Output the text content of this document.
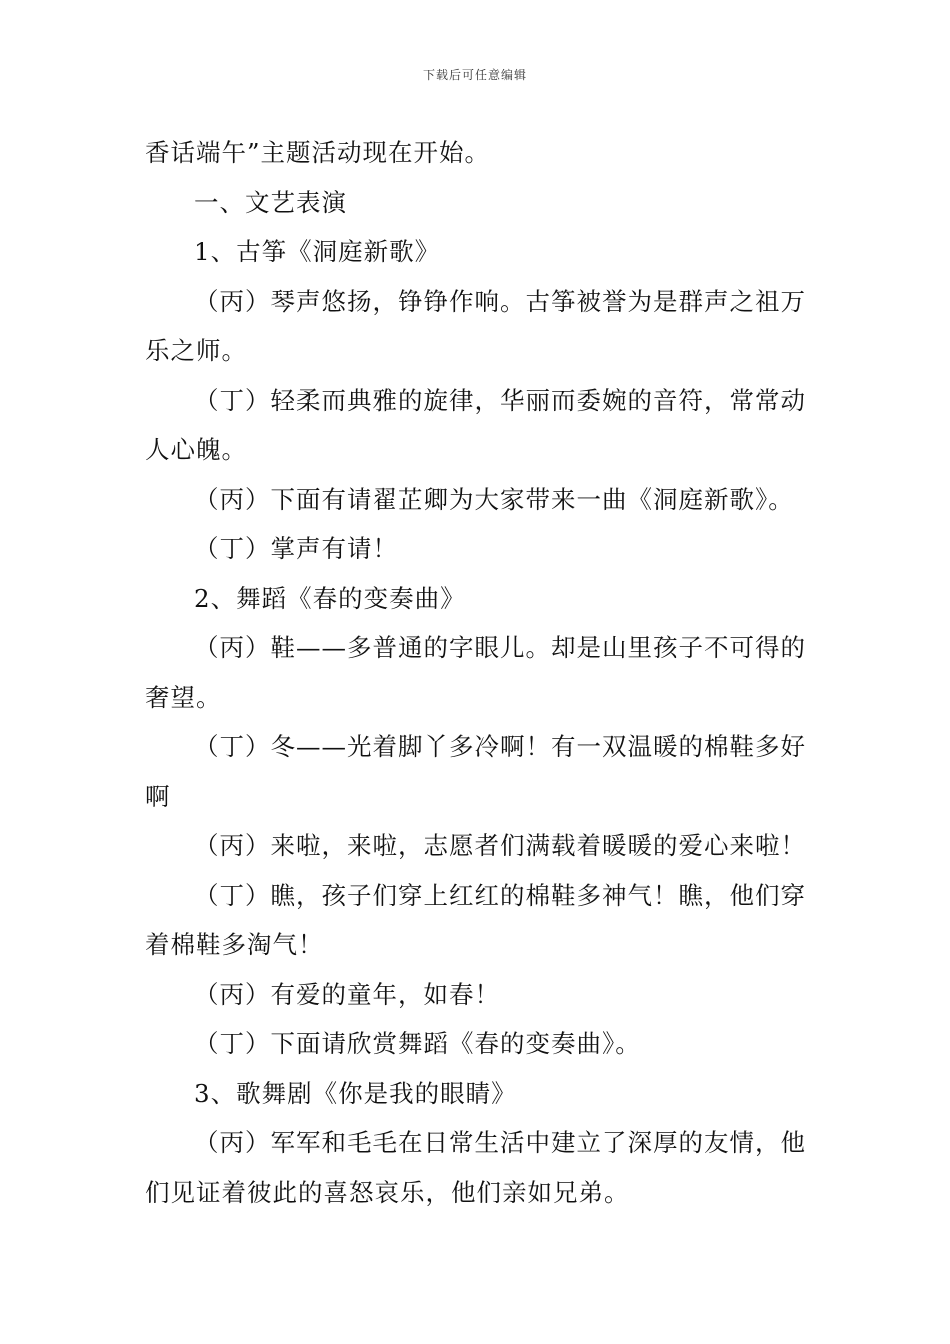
下载后可任意编辑

香话端午”主题活动现在开始。

一、文艺表演

1、古筝《洞庭新歌》

（丙）琴声悠扬，铮铮作响。古筝被誉为是群声之祖万乐之师。

（丁）轻柔而典雅的旋律，华丽而委婉的音符，常常动人心魄。

（丙）下面有请翟芷卿为大家带来一曲《洞庭新歌》。

（丁）掌声有请！

2、舞蹈《春的变奏曲》

（丙）鞋——多普通的字眼儿。却是山里孩子不可得的奢望。

（丁）冬——光着脚丫多冷啊！有一双温暖的棉鞋多好啊

（丙）来啦，来啦，志愿者们满载着暖暖的爱心来啦！

（丁）瞧，孩子们穿上红红的棉鞋多神气！瞧，他们穿着棉鞋多淘气！

（丙）有爱的童年，如春！

（丁）下面请欣赏舞蹈《春的变奏曲》。

3、歌舞剧《你是我的眼睛》

（丙）军军和毛毛在日常生活中建立了深厚的友情，他们见证着彼此的喜怒哀乐，他们亲如兄弟。
